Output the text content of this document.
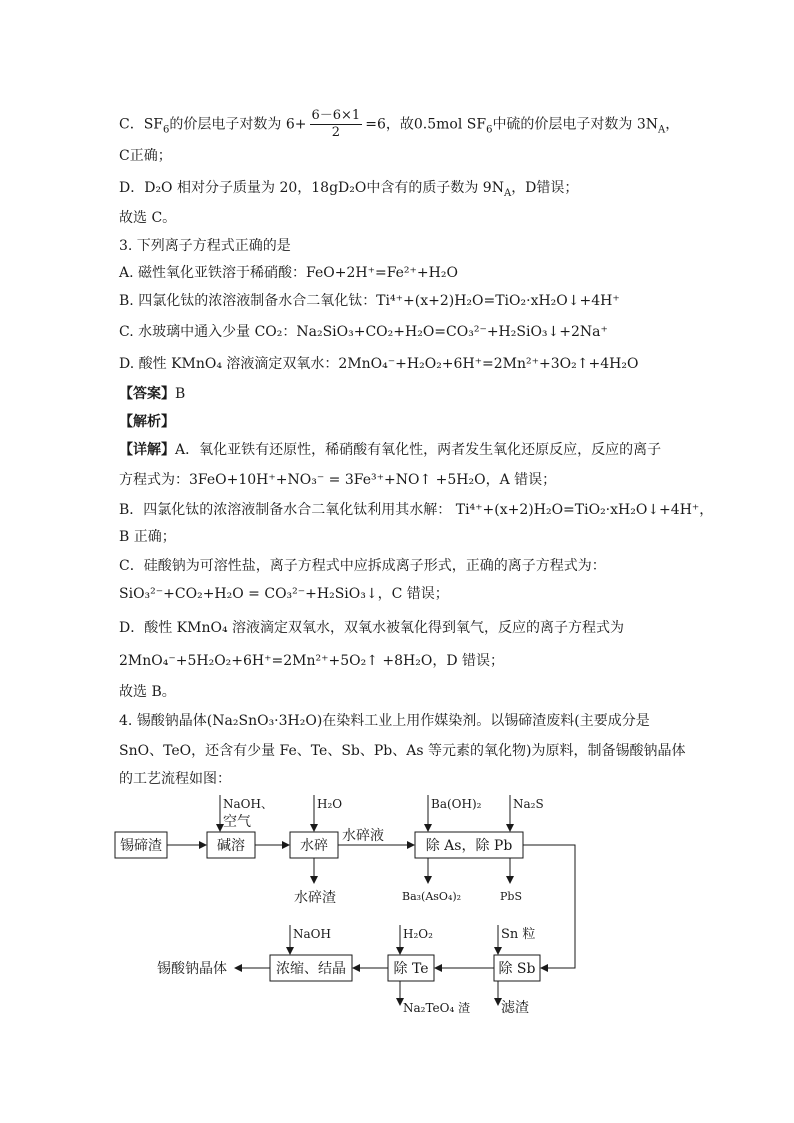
C．$SF_6$的价层电子对数为 $6+ \frac{6-6\times 1}{2} =6$，故0.5mol $SF_6$中硫的价层电子对数为 $3N_A$，
C正确；
D．D₂O 相对分子质量为 20，18gD₂O中含有的质子数为 $9N_A$，D错误；
故选 C。
3. 下列离子方程式正确的是
A. 磁性氧化亚铁溶于稀硝酸：FeO+2H⁺=Fe²⁺+H₂O
B. 四氯化钛的浓溶液制备水合二氧化钛：Ti⁴⁺+(x+2)H₂O=TiO₂·xH₂O↓+4H⁺
C. 水玻璃中通入少量 CO₂：Na₂SiO₃+CO₂+H₂O=CO₃²⁻+H₂SiO₃↓+2Na⁺
D. 酸性 KMnO₄ 溶液滴定双氧水：2MnO₄⁻+H₂O₂+6H⁺=2Mn²⁺+3O₂↑+4H₂O
【答案】B
【解析】
【详解】A．氧化亚铁有还原性，稀硝酸有氧化性，两者发生氧化还原反应，反应的离子
方程式为：3FeO+10H⁺+NO₃⁻ = 3Fe³⁺+NO↑ +5H₂O，A 错误；
B．四氯化钛的浓溶液制备水合二氧化钛利用其水解： Ti⁴⁺+(x+2)H₂O=TiO₂·xH₂O↓+4H⁺，
B 正确；
C．硅酸钠为可溶性盐，离子方程式中应拆成离子形式，正确的离子方程式为：
SiO₃²⁻+CO₂+H₂O = CO₃²⁻+H₂SiO₃↓，C 错误；
D．酸性 KMnO₄ 溶液滴定双氧水，双氧水被氧化得到氧气，反应的离子方程式为
2MnO₄⁻+5H₂O₂+6H⁺=2Mn²⁺+5O₂↑ +8H₂O，D 错误；
故选 B。
4. 锡酸钠晶体(Na₂SnO₃·3H₂O)在染料工业上用作媒染剂。以锡碲渣废料(主要成分是
SnO、TeO，还含有少量 Fe、Te、Sb、Pb、As 等元素的氧化物)为原料，制备锡酸钠晶体
的工艺流程如图：
锡碲渣	碱溶	水碎	除 As，除 Pb
浓缩、结晶	除 Te	除 Sb
锡酸钠晶体
NaOH、
空气
H₂O	Ba(OH)₂	Na₂S
水碎液
水碎渣	Ba₃(AsO₄)₂	PbS
NaOH	H₂O₂	Sn 粒
Na₂TeO₄ 渣 滤渣
